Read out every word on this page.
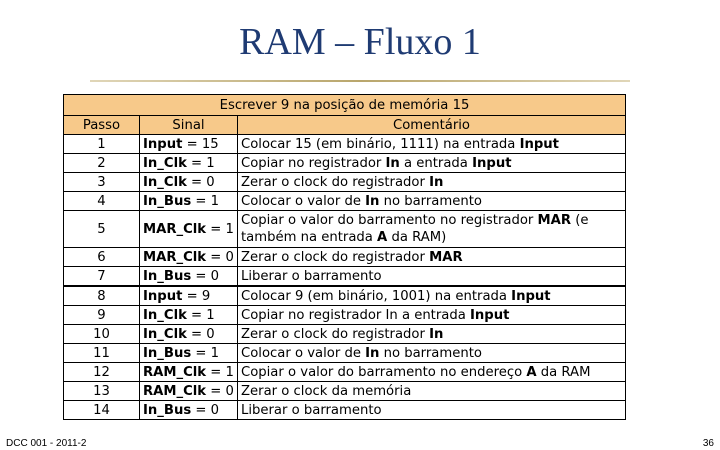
RAM – Fluxo 1
Escrever 9 na posição de memória 15		
Passo	Sinal	Comentário
1	Input = 15	Colocar 15 (em binário, 1111) na entrada Input
2	In_Clk = 1	Copiar no registrador In a entrada Input
3	In_Clk = 0	Zerar o clock do registrador In
4	In_Bus = 1	Colocar o valor de In no barramento
5	MAR_Clk = 1	Copiar o valor do barramento no registrador MAR (e também na entrada A da RAM)
6	MAR_Clk = 0	Zerar o clock do registrador MAR
7	In_Bus = 0	Liberar o barramento
8	Input = 9	Colocar 9 (em binário, 1001) na entrada Input
9	In_Clk = 1	Copiar no registrador In a entrada Input
10	In_Clk = 0	Zerar o clock do registrador In
11	In_Bus = 1	Colocar o valor de In no barramento
12	RAM_Clk = 1	Copiar o valor do barramento no endereço A da RAM
13	RAM_Clk = 0	Zerar o clock da memória
14	In_Bus = 0	Liberar o barramento
DCC 001 - 2011-2	36
